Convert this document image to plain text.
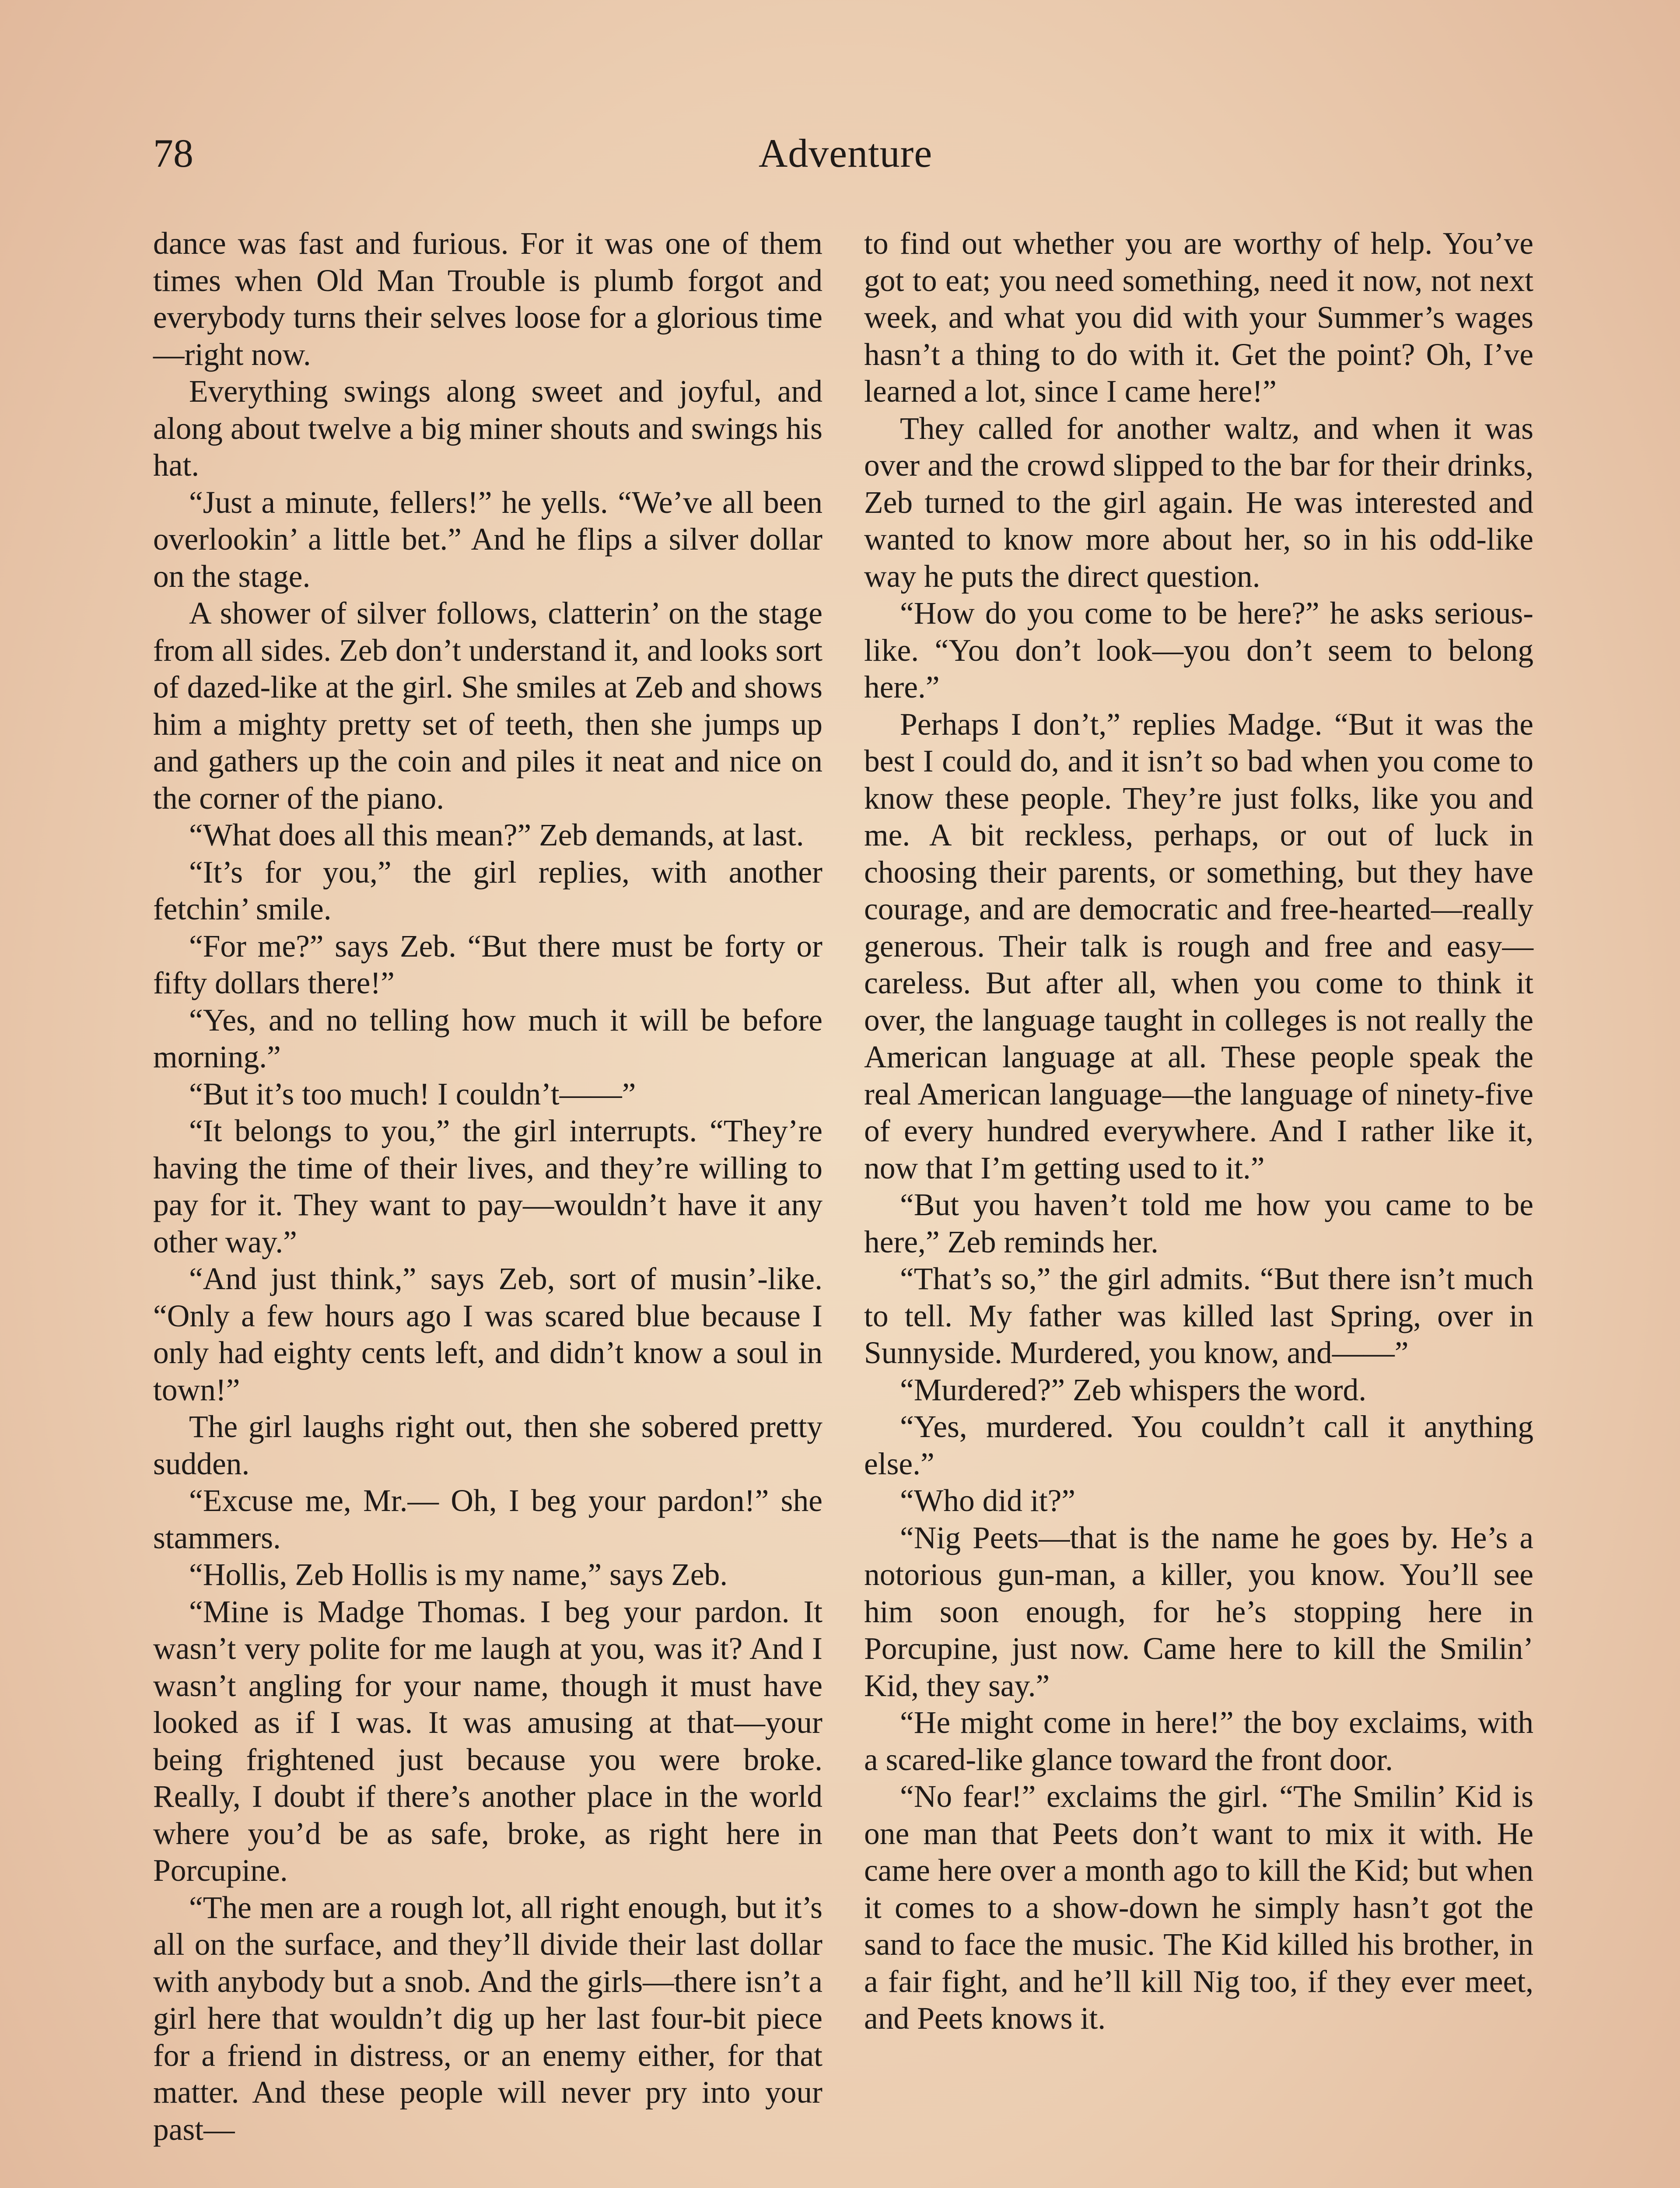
78	Adventure

dance was fast and furious. For it was one of them times when Old Man Trouble is plumb forgot and everybody turns their selves loose for a glorious time—right now.

Everything swings along sweet and joyful, and along about twelve a big miner shouts and swings his hat.

“Just a minute, fellers!” he yells. “We’ve all been overlookin’ a little bet.” And he flips a silver dollar on the stage.

A shower of silver follows, clatterin’ on the stage from all sides. Zeb don’t understand it, and looks sort of dazed-like at the girl. She smiles at Zeb and shows him a mighty pretty set of teeth, then she jumps up and gathers up the coin and piles it neat and nice on the corner of the piano.

“What does all this mean?” Zeb demands, at last.

“It’s for you,” the girl replies, with another fetchin’ smile.

“For me?” says Zeb. “But there must be forty or fifty dollars there!”

“Yes, and no telling how much it will be before morning.”

“But it’s too much! I couldn’t——”

“It belongs to you,” the girl interrupts. “They’re having the time of their lives, and they’re willing to pay for it. They want to pay—wouldn’t have it any other way.”

“And just think,” says Zeb, sort of musin’-like. “Only a few hours ago I was scared blue because I only had eighty cents left, and didn’t know a soul in town!”

The girl laughs right out, then she sobered pretty sudden.

“Excuse me, Mr.— Oh, I beg your pardon!” she stammers.

“Hollis, Zeb Hollis is my name,” says Zeb.

“Mine is Madge Thomas. I beg your pardon. It wasn’t very polite for me laugh at you, was it? And I wasn’t angling for your name, though it must have looked as if I was. It was amusing at that—your being frightened just because you were broke. Really, I doubt if there’s another place in the world where you’d be as safe, broke, as right here in Porcupine.

“The men are a rough lot, all right enough, but it’s all on the surface, and they’ll divide their last dollar with anybody but a snob. And the girls—there isn’t a girl here that wouldn’t dig up her last four-bit piece for a friend in distress, or an enemy either, for that matter. And these people will never pry into your past—

to find out whether you are worthy of help. You’ve got to eat; you need something, need it now, not next week, and what you did with your Summer’s wages hasn’t a thing to do with it. Get the point? Oh, I’ve learned a lot, since I came here!”

They called for another waltz, and when it was over and the crowd slipped to the bar for their drinks, Zeb turned to the girl again. He was interested and wanted to know more about her, so in his odd-like way he puts the direct question.

“How do you come to be here?” he asks serious-like. “You don’t look—you don’t seem to belong here.”

Perhaps I don’t,” replies Madge. “But it was the best I could do, and it isn’t so bad when you come to know these people. They’re just folks, like you and me. A bit reckless, perhaps, or out of luck in choosing their parents, or something, but they have courage, and are democratic and free-hearted—really generous. Their talk is rough and free and easy—careless. But after all, when you come to think it over, the language taught in colleges is not really the American language at all. These people speak the real American language—the language of ninety-five of every hundred everywhere. And I rather like it, now that I’m getting used to it.”

“But you haven’t told me how you came to be here,” Zeb reminds her.

“That’s so,” the girl admits. “But there isn’t much to tell. My father was killed last Spring, over in Sunnyside. Murdered, you know, and——”

“Murdered?” Zeb whispers the word.

“Yes, murdered. You couldn’t call it anything else.”

“Who did it?”

“Nig Peets—that is the name he goes by. He’s a notorious gun-man, a killer, you know. You’ll see him soon enough, for he’s stopping here in Porcupine, just now. Came here to kill the Smilin’ Kid, they say.”

“He might come in here!” the boy exclaims, with a scared-like glance toward the front door.

“No fear!” exclaims the girl. “The Smilin’ Kid is one man that Peets don’t want to mix it with. He came here over a month ago to kill the Kid; but when it comes to a show-down he simply hasn’t got the sand to face the music. The Kid killed his brother, in a fair fight, and he’ll kill Nig too, if they ever meet, and Peets knows it.
